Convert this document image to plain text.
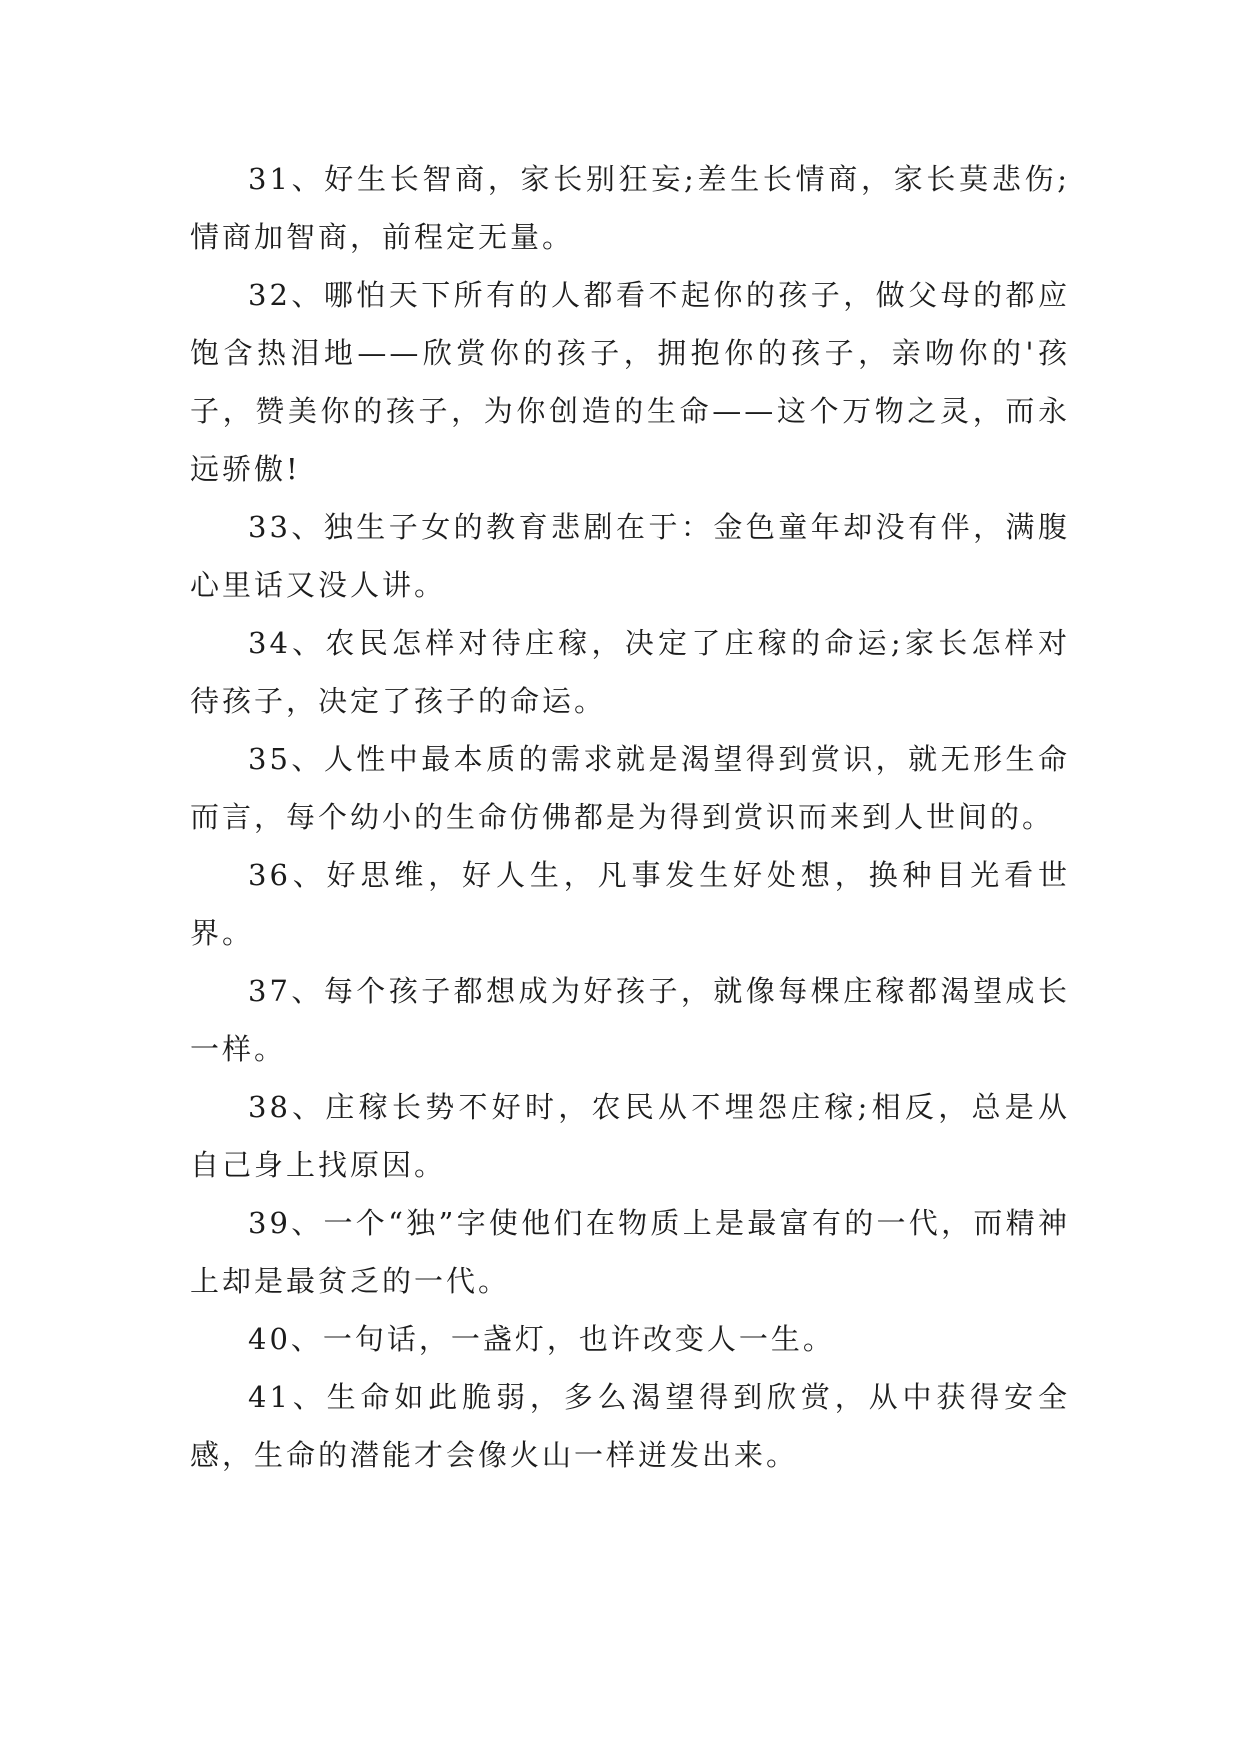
31、好生长智商，家长别狂妄;差生长情商，家长莫悲伤;情商加智商，前程定无量。

32、哪怕天下所有的人都看不起你的孩子，做父母的都应饱含热泪地——欣赏你的孩子，拥抱你的孩子，亲吻你的'孩子，赞美你的孩子，为你创造的生命——这个万物之灵，而永远骄傲!

33、独生子女的教育悲剧在于：金色童年却没有伴，满腹心里话又没人讲。

34、农民怎样对待庄稼，决定了庄稼的命运;家长怎样对待孩子，决定了孩子的命运。

35、人性中最本质的需求就是渴望得到赏识，就无形生命而言，每个幼小的生命仿佛都是为得到赏识而来到人世间的。

36、好思维，好人生，凡事发生好处想，换种目光看世界。

37、每个孩子都想成为好孩子，就像每棵庄稼都渴望成长一样。

38、庄稼长势不好时，农民从不埋怨庄稼;相反，总是从自己身上找原因。

39、一个“独”字使他们在物质上是最富有的一代，而精神上却是最贫乏的一代。

40、一句话，一盏灯，也许改变人一生。

41、生命如此脆弱，多么渴望得到欣赏，从中获得安全感，生命的潜能才会像火山一样迸发出来。
